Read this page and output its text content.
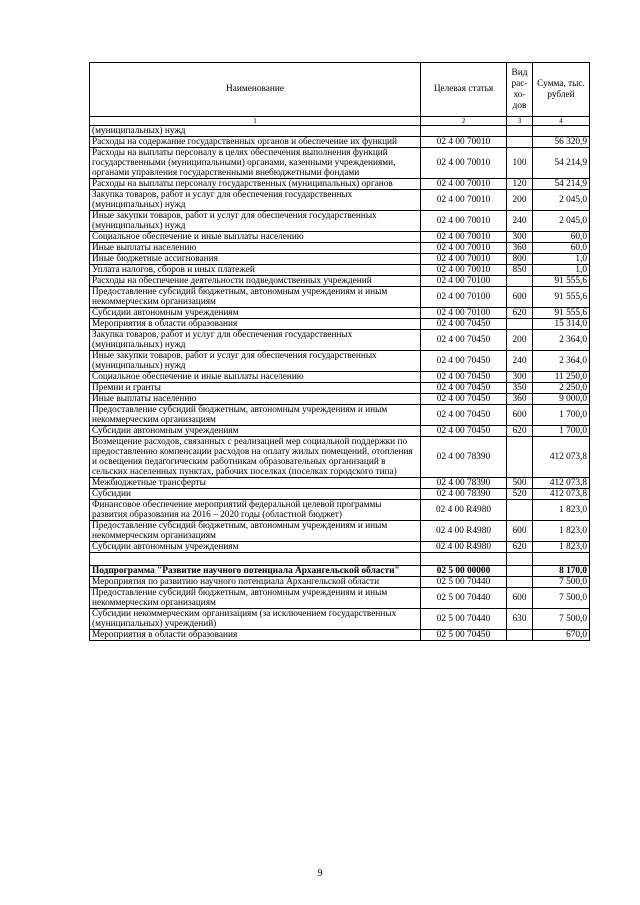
Наименование	Целевая статья	Вид рас-хо-дов	Сумма, тыс. рублей
1	2	3	4
(муниципальных) нужд			
Расходы на содержание государственных органов и обеспечение их функций	02 4 00 70010		56 320,9
Расходы на выплаты персоналу в целях обеспечения выполнения функций государственными (муниципальными) органами, казенными учреждениями, органами управления государственными внебюджетными фондами	02 4 00 70010	100	54 214,9
Расходы на выплаты персоналу государственных (муниципальных) органов	02 4 00 70010	120	54 214,9
Закупка товаров, работ и услуг для обеспечения государственных (муниципальных) нужд	02 4 00 70010	200	2 045,0
Иные закупки товаров, работ и услуг для обеспечения государственных (муниципальных) нужд	02 4 00 70010	240	2 045,0
Социальное обеспечение и иные выплаты населению	02 4 00 70010	300	60,0
Иные выплаты населению	02 4 00 70010	360	60,0
Иные бюджетные ассигнования	02 4 00 70010	800	1,0
Уплата налогов, сборов и иных платежей	02 4 00 70010	850	1,0
Расходы на обеспечение деятельности подведомственных учреждений	02 4 00 70100		91 555,6
Предоставление субсидий бюджетным, автономным учреждениям и иным некоммерческим организациям	02 4 00 70100	600	91 555,6
Субсидии автономным учреждениям	02 4 00 70100	620	91 555,6
Мероприятия в области образования	02 4 00 70450		15 314,0
Закупка товаров, работ и услуг для обеспечения государственных (муниципальных) нужд	02 4 00 70450	200	2 364,0
Иные закупки товаров, работ и услуг для обеспечения государственных (муниципальных) нужд	02 4 00 70450	240	2 364,0
Социальное обеспечение и иные выплаты населению	02 4 00 70450	300	11 250,0
Премии и гранты	02 4 00 70450	350	2 250,0
Иные выплаты населению	02 4 00 70450	360	9 000,0
Предоставление субсидий бюджетным, автономным учреждениям и иным некоммерческим организациям	02 4 00 70450	600	1 700,0
Субсидии автономным учреждениям	02 4 00 70450	620	1 700,0
Возмещение расходов, связанных с реализацией мер социальной поддержки по предоставлению компенсации расходов на оплату жилых помещений, отопления и освещения педагогическим работникам образовательных организаций в сельских населенных пунктах, рабочих поселках (поселках городского типа)	02 4 00 78390		412 073,8
Межбюджетные трансферты	02 4 00 78390	500	412 073,8
Субсидии	02 4 00 78390	520	412 073,8
Финансовое обеспечение мероприятий федеральной целевой программы развития образования на 2016 – 2020 годы (областной бюджет)	02 4 00 R4980		1 823,0
Предоставление субсидий бюджетным, автономным учреждениям и иным некоммерческим организациям	02 4 00 R4980	600	1 823,0
Субсидии автономным учреждениям	02 4 00 R4980	620	1 823,0

Подпрограмма "Развитие научного потенциала Архангельской области"	02 5 00 00000		8 170,0
Мероприятия по развитию научного потенциала Архангельской области	02 5 00 70440		7 500,0
Предоставление субсидий бюджетным, автономным учреждениям и иным некоммерческим организациям	02 5 00 70440	600	7 500,0
Субсидии некоммерческим организациям (за исключением государственных (муниципальных) учреждений)	02 5 00 70440	630	7 500,0
Мероприятия в области образования	02 5 00 70450		670,0
9
